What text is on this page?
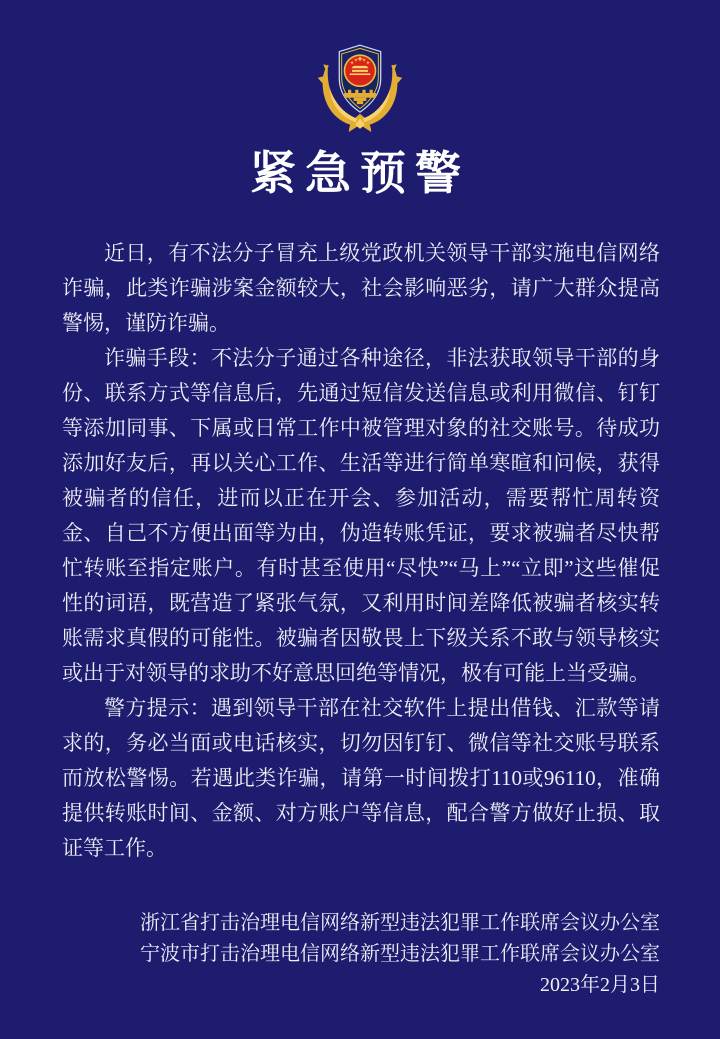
紧急预警

近日，有不法分子冒充上级党政机关领导干部实施电信网络诈骗，此类诈骗涉案金额较大，社会影响恶劣，请广大群众提高警惕，谨防诈骗。

诈骗手段：不法分子通过各种途径，非法获取领导干部的身份、联系方式等信息后，先通过短信发送信息或利用微信、钉钉等添加同事、下属或日常工作中被管理对象的社交账号。待成功添加好友后，再以关心工作、生活等进行简单寒暄和问候，获得被骗者的信任，进而以正在开会、参加活动，需要帮忙周转资金、自己不方便出面等为由，伪造转账凭证，要求被骗者尽快帮忙转账至指定账户。有时甚至使用“尽快”“马上”“立即”这些催促性的词语，既营造了紧张气氛，又利用时间差降低被骗者核实转账需求真假的可能性。被骗者因敬畏上下级关系不敢与领导核实或出于对领导的求助不好意思回绝等情况，极有可能上当受骗。

警方提示：遇到领导干部在社交软件上提出借钱、汇款等请求的，务必当面或电话核实，切勿因钉钉、微信等社交账号联系而放松警惕。若遇此类诈骗，请第一时间拨打110或96110，准确提供转账时间、金额、对方账户等信息，配合警方做好止损、取证等工作。

浙江省打击治理电信网络新型违法犯罪工作联席会议办公室
宁波市打击治理电信网络新型违法犯罪工作联席会议办公室
2023年2月3日
